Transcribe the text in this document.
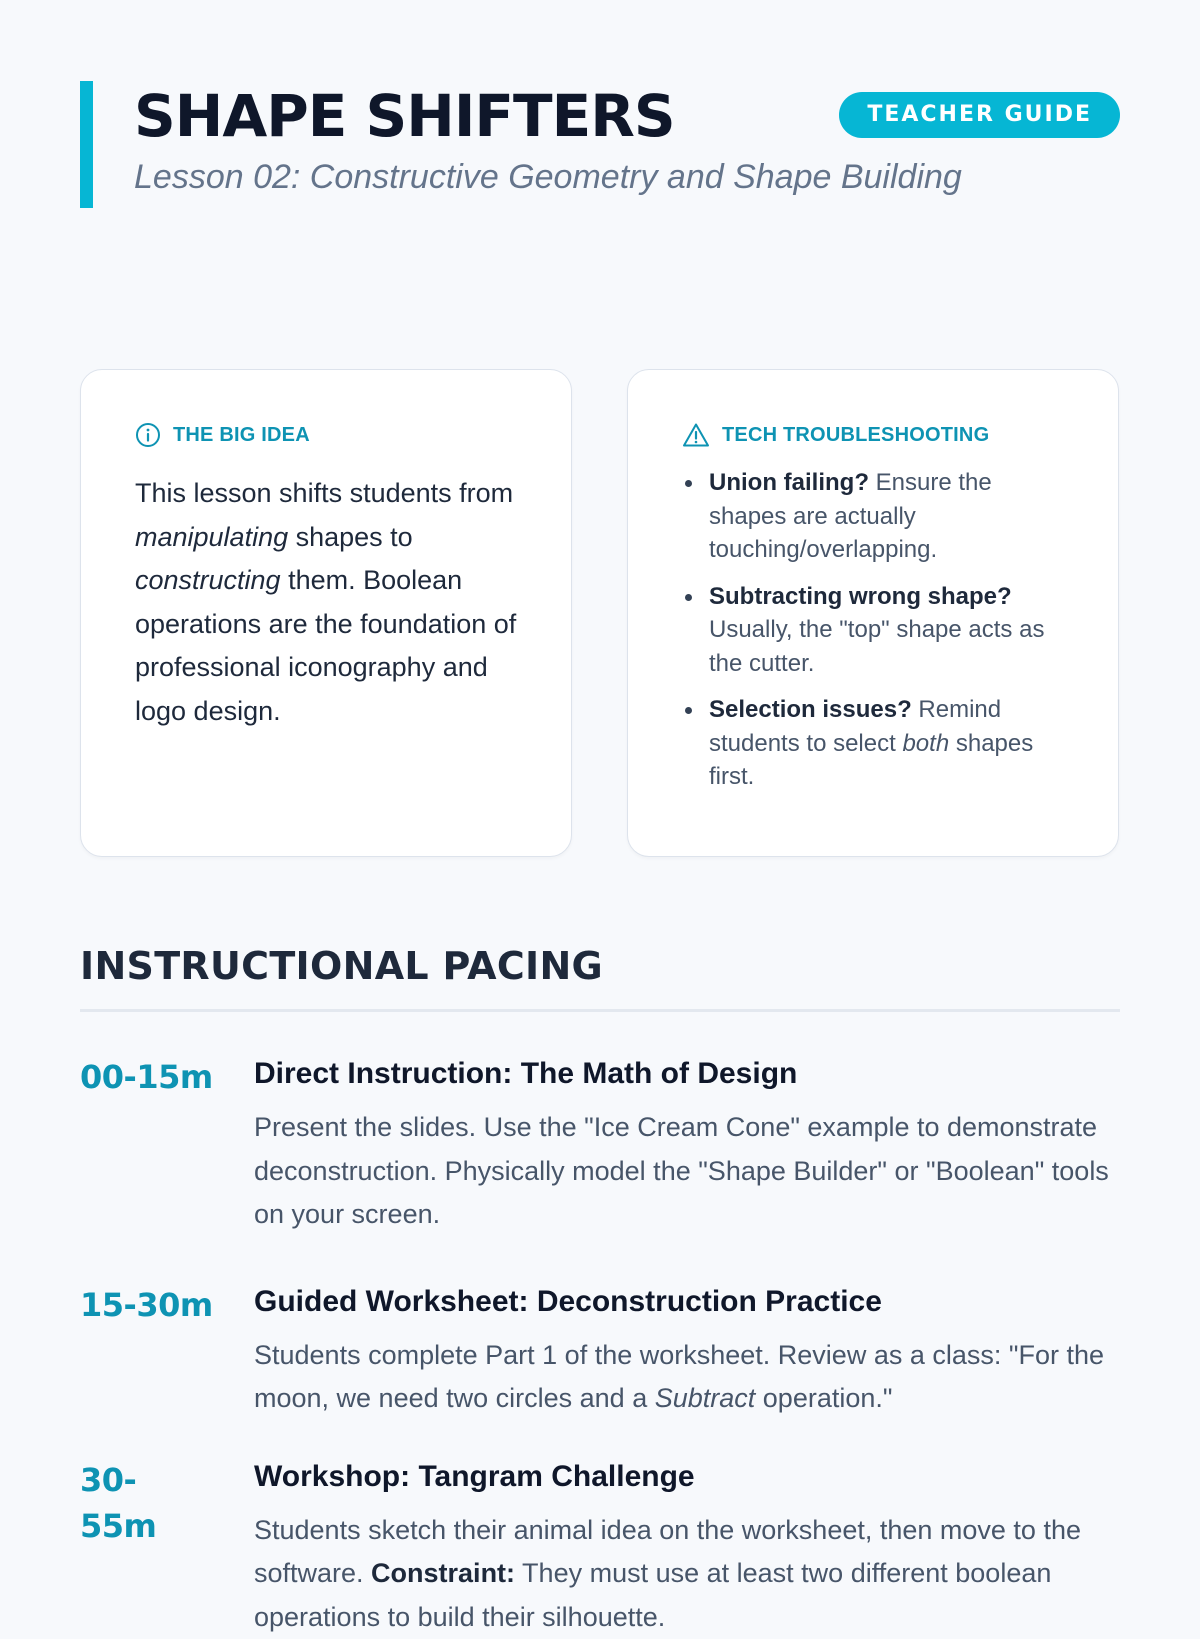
SHAPE SHIFTERS
Lesson 02: Constructive Geometry and Shape Building
TEACHER GUIDE
THE BIG IDEA

This lesson shifts students from manipulating shapes to constructing them. Boolean operations are the foundation of professional iconography and logo design.

TECH TROUBLESHOOTING
Union failing? Ensure the shapes are actually touching/overlapping.
Subtracting wrong shape? Usually, the "top" shape acts as the cutter.
Selection issues? Remind students to select both shapes first.
INSTRUCTIONAL PACING
00-15m	Direct Instruction: The Math of Design

Present the slides. Use the "Ice Cream Cone" example to demonstrate deconstruction. Physically model the "Shape Builder" or "Boolean" tools on your screen.

15-30m	Guided Worksheet: Deconstruction Practice

Students complete Part 1 of the worksheet. Review as a class: "For the moon, we need two circles and a Subtract operation."

30-55m
Workshop: Tangram Challenge

Students sketch their animal idea on the worksheet, then move to the software. Constraint: They must use at least two different boolean operations to build their silhouette.
